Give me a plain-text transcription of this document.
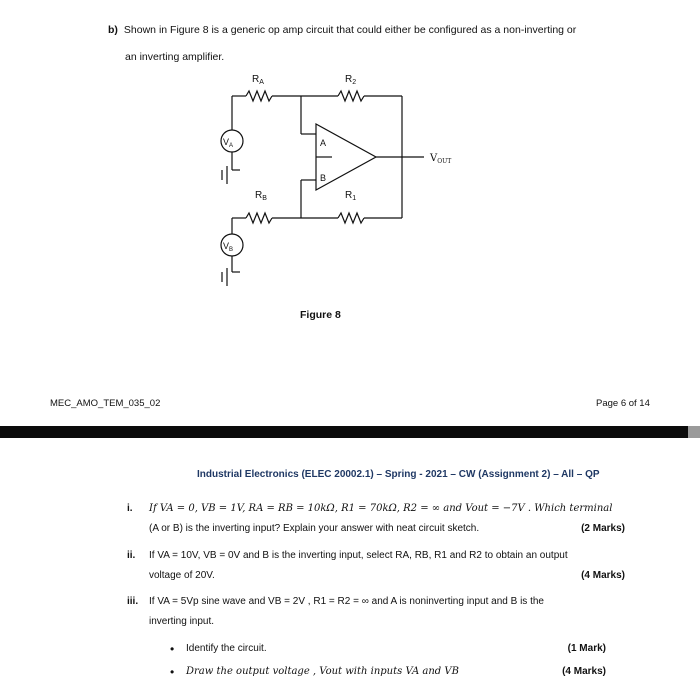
b) Shown in Figure 8 is a generic op amp circuit that could either be configured as a non-inverting or
an inverting amplifier.
$R_A$	$R_2$
$R_B$	$R_1$
$V_A$
$V_B$
A
B
$V_{OUT}$
Figure 8
MEC_AMO_TEM_035_02	Page 6 of 14
Industrial Electronics (ELEC 20002.1) – Spring - 2021 – CW (Assignment 2) – All – QP
i.	If VA = 0, VB = 1V, RA = RB = 10kΩ, R1 = 70kΩ, R2 = ∞ and Vout = −7V . Which terminal
(A or B) is the inverting input? Explain your answer with neat circuit sketch.	(2 Marks)
ii.	If VA = 10V, VB = 0V and B is the inverting input, select RA, RB, R1 and R2 to obtain an output
voltage of 20V.	(4 Marks)
iii.	If VA = 5Vp sine wave and VB = 2V , R1 = R2 = ∞ and A is noninverting input and B is the
inverting input.
• Identify the circuit.	(1 Mark)
• Draw the output voltage , Vout with inputs VA and VB	(4 Marks)
